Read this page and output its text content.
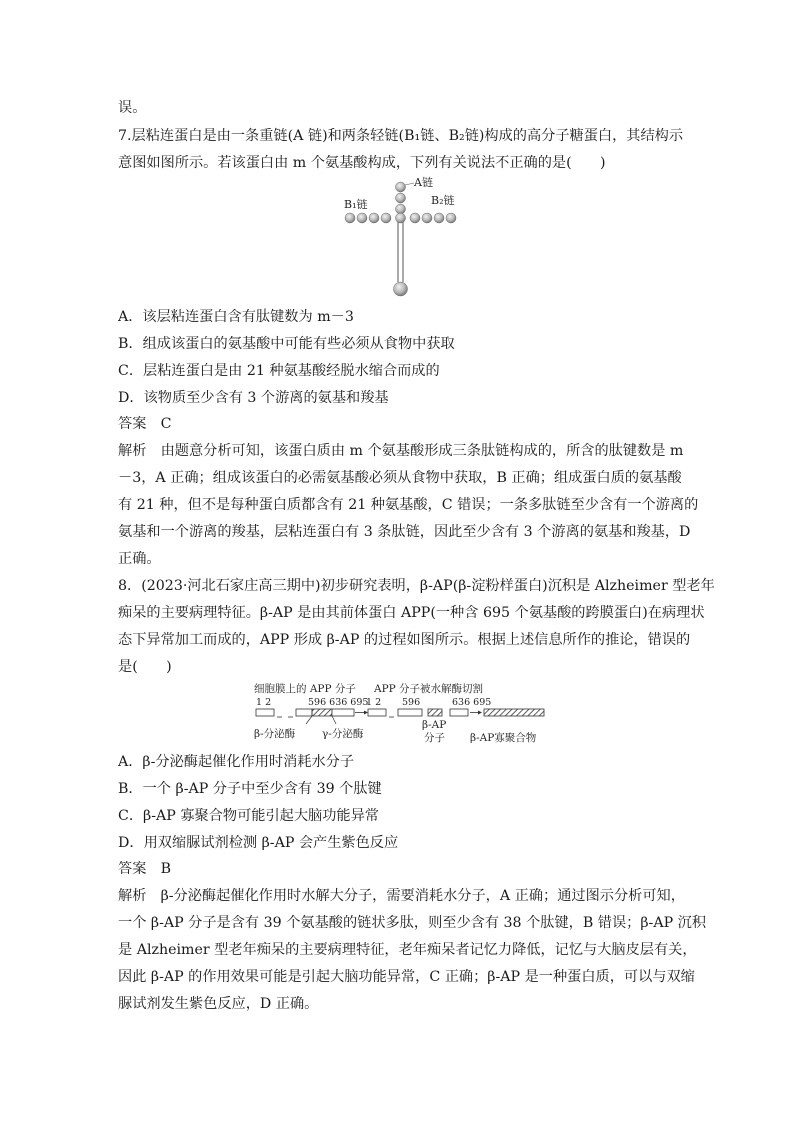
误。
7.层粘连蛋白是由一条重链(A 链)和两条轻链(B₁链、B₂链)构成的高分子糖蛋白，其结构示
意图如图所示。若该蛋白由 m 个氨基酸构成，下列有关说法不正确的是(　　)
A链
B₁链	B₂链
A．该层粘连蛋白含有肽键数为 m－3
B．组成该蛋白的氨基酸中可能有些必须从食物中获取
C．层粘连蛋白是由 21 种氨基酸经脱水缩合而成的
D．该物质至少含有 3 个游离的氨基和羧基
答案　C
解析　由题意分析可知，该蛋白质由 m 个氨基酸形成三条肽链构成的，所含的肽键数是 m
－3，A 正确；组成该蛋白的必需氨基酸必须从食物中获取，B 正确；组成蛋白质的氨基酸
有 21 种，但不是每种蛋白质都含有 21 种氨基酸，C 错误；一条多肽链至少含有一个游离的
氨基和一个游离的羧基，层粘连蛋白有 3 条肽链，因此至少含有 3 个游离的氨基和羧基，D
正确。
8．(2023·河北石家庄高三期中)初步研究表明，β-AP(β-淀粉样蛋白)沉积是 Alzheimer 型老年
痴呆的主要病理特征。β-AP 是由其前体蛋白 APP(一种含 695 个氨基酸的跨膜蛋白)在病理状
态下异常加工而成的，APP 形成 β-AP 的过程如图所示。根据上述信息所作的推论，错误的
是(　　)
细胞膜上的 APP 分子 APP 分子被水解酶切割
1 2	596 636 695
1 2 596	636 695
β-分泌酶	γ-分泌酶
β-AP
分子 β-AP寡聚合物
A．β-分泌酶起催化作用时消耗水分子
B．一个 β-AP 分子中至少含有 39 个肽键
C．β-AP 寡聚合物可能引起大脑功能异常
D．用双缩脲试剂检测 β-AP 会产生紫色反应
答案　B
解析　β-分泌酶起催化作用时水解大分子，需要消耗水分子，A 正确；通过图示分析可知，
一个 β-AP 分子是含有 39 个氨基酸的链状多肽，则至少含有 38 个肽键，B 错误；β-AP 沉积
是 Alzheimer 型老年痴呆的主要病理特征，老年痴呆者记忆力降低，记忆与大脑皮层有关，
因此 β-AP 的作用效果可能是引起大脑功能异常，C 正确；β-AP 是一种蛋白质，可以与双缩
脲试剂发生紫色反应，D 正确。
